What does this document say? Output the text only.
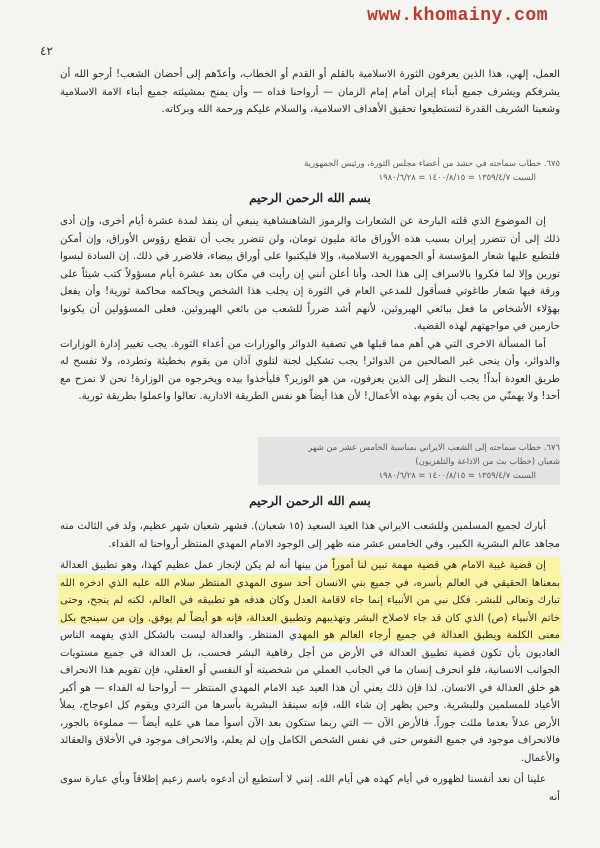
www.khomainy.com
٤٢

العمل، إلهي، هذا الذين يعرفون الثورة الاسلامية بالقلم أو القدم أو الخطاب، وأعدّهم إلى أحضان الشعب! أرجو الله أن يشرفكم ويشرف جميع أبناء إيران أمام إمام الزمان — أرواحنا فداه — وأن يمنح بمشيئته جميع أبناء الامة الاسلامية وشعبنا الشريف القدرة لتستطيعوا تحقيق الأهداف الاسلامية، والسلام عليكم ورحمة الله وبركاته.

٦٧٥. خطاب سماحته في حشد من أعضاء مجلس الثورة، ورئيس الجمهورية
السبت ١٣٥٩/٤/٧ = ١٤٠٠/٨/١٥ = ١٩٨٠/٦/٢٨
بسم الله الرحمن الرحيم

إن الموضوع الذي قلته البارحة عن الشعارات والرموز الشاهنشاهية ينبغي أن ينفذ لمدة عشرة أيام أخرى، وإن أدى ذلك إلى أن تتضرر إيران بسبب هذه الأوراق مائة مليون تومان، ولن تتضرر يجب أن تقطع رؤوس الأوراق، وإن أمكن فلتطبع عليها شعار المؤسسة أو الجمهورية الاسلامية، وإلا فليكتبوا على أوراق بيضاء، فلاضرر في ذلك. إن السادة لبسوا تورين وإلا لما فكروا بالاسراف إلى هذا الحد، وأنا أعلن أنني إن رأيت في مكان بعد عشرة أيام مسؤولاً كتب شيئاً على ورقة فيها شعار طاغوتي فسأقول للمدعي العام في الثورة إن يجلب هذا الشخص ويحاكمه محاكمة ثورية! وأن يفعل بهؤلاء الأشخاص ما فعل ببائعي الهيروئين، لأنهم أشد ضرراً للشعب من بائعي الهيروئين. فعلى المسؤولين أن يكونوا حازمين في مواجهتهم لهذه القضية.

أما المسألة الاخرى التي هي أهم مما قبلها هي تصفية الدوائر والوزارات من أعداء الثورة. يجب تغيير إدارة الوزارات والدوائر، وأن ينحى غير الصالحين من الدوائر! يجب تشكيل لجنة لتلوي آذان من يقوم بخطيئة وتطرده، ولا تفسح له طريق العودة أبداً! يجب النظر إلى الذين يعرفون، من هو الوزير؟ فليأخذوا بيده ويخرجوه من الوزارة! نحن لا نمزح مع أحد! ولا يهمنّي من يجب أن يقوم بهذه الأعمال! لأن هذا أيضاً هو نفس الطريقة الادارية. تعالوا واعملوا بطريقة ثورية.

٦٧٦. خطاب سماحته إلى الشعب الايراني بمناسبة الخامس عشر من شهر
شعبان (خطاب بث من الاذاعة والتلفزيون)
السبت ١٣٥٩/٤/٧ = ١٤٠٠/٨/١٥ = ١٩٨٠/٦/٢٨
بسم الله الرحمن الرحيم

أبارك لجميع المسلمين وللشعب الايراني هذا العيد السعيد (١٥ شعبان). فشهر شعبان شهر عظيم، ولد في الثالث منه مجاهد عالم البشرية الكبير، وفي الخامس عشر منه ظهر إلى الوجود الامام المهدي المنتظر أرواحنا له الفداء.

إن قضية غيبة الامام هي قضية مهمة تبين لنا أموراً من بينها أنه لم يكن لإنجاز عمل عظيم كهذا، وهو تطبيق العدالة بمعناها الحقيقي في العالم بأسره، في جميع بني الانسان أحد سوى المهدي المنتظر سلام الله عليه الذي ادخره الله تبارك وتعالى للبشر. فكل نبي من الأنبياء إنما جاء لاقامة العدل وكان هدفه هو تطبيقه في العالم، لكنه لم ينجح، وحتى خاتم الأنبياء (ص) الذي كان قد جاء لاصلاح البشر وتهذيبهم وتطبيق العدالة، فإنه هو أيضاً لم يوفق. وإن من سينجح بكل معنى الكلمة ويطبق العدالة في جميع أرجاء العالم هو المهدي المنتظر. والعدالة ليست بالشكل الذي يفهمه الناس العاديون بأن تكون قضية تطبيق العدالة في الأرض من أجل رفاهية البشر فحسب، بل العدالة في جميع مستويات الجوانب الانسانية، فلو انحرف إنسان ما في الجانب العملي من شخصيته أو النفسي أو العقلي، فإن تقويم هذا الانحراف هو خلق العدالة في الانسان. لذا فإن ذلك يعني أن هذا العيد عيد الامام المهدي المنتظر — أرواحنا له الفداء — هو أكبر الأعياد للمسلمين وللبشرية. وحين يظهر إن شاء الله، فإنه سينقذ البشرية بأسرها من التردي ويقوم كل اعوجاج، يملأ الأرض عدلاً بعدما ملئت جوراً. فالأرض الآن — التي ربما ستكون بعد الآن أسوأ مما هي عليه أيضاً — مملوءة بالجور، فالانحراف موجود في جميع النفوس حتى في نفس الشخص الكامل وإن لم يعلم، والانحراف موجود في الأخلاق والعقائد والأعمال.

علينا أن نعد أنفسنا لظهوره في أيام كهذه هي أيام الله. إنني لا أستطيع أن أدعوه باسم زعيم إطلاقاً وبأي عبارة سوى أنه
